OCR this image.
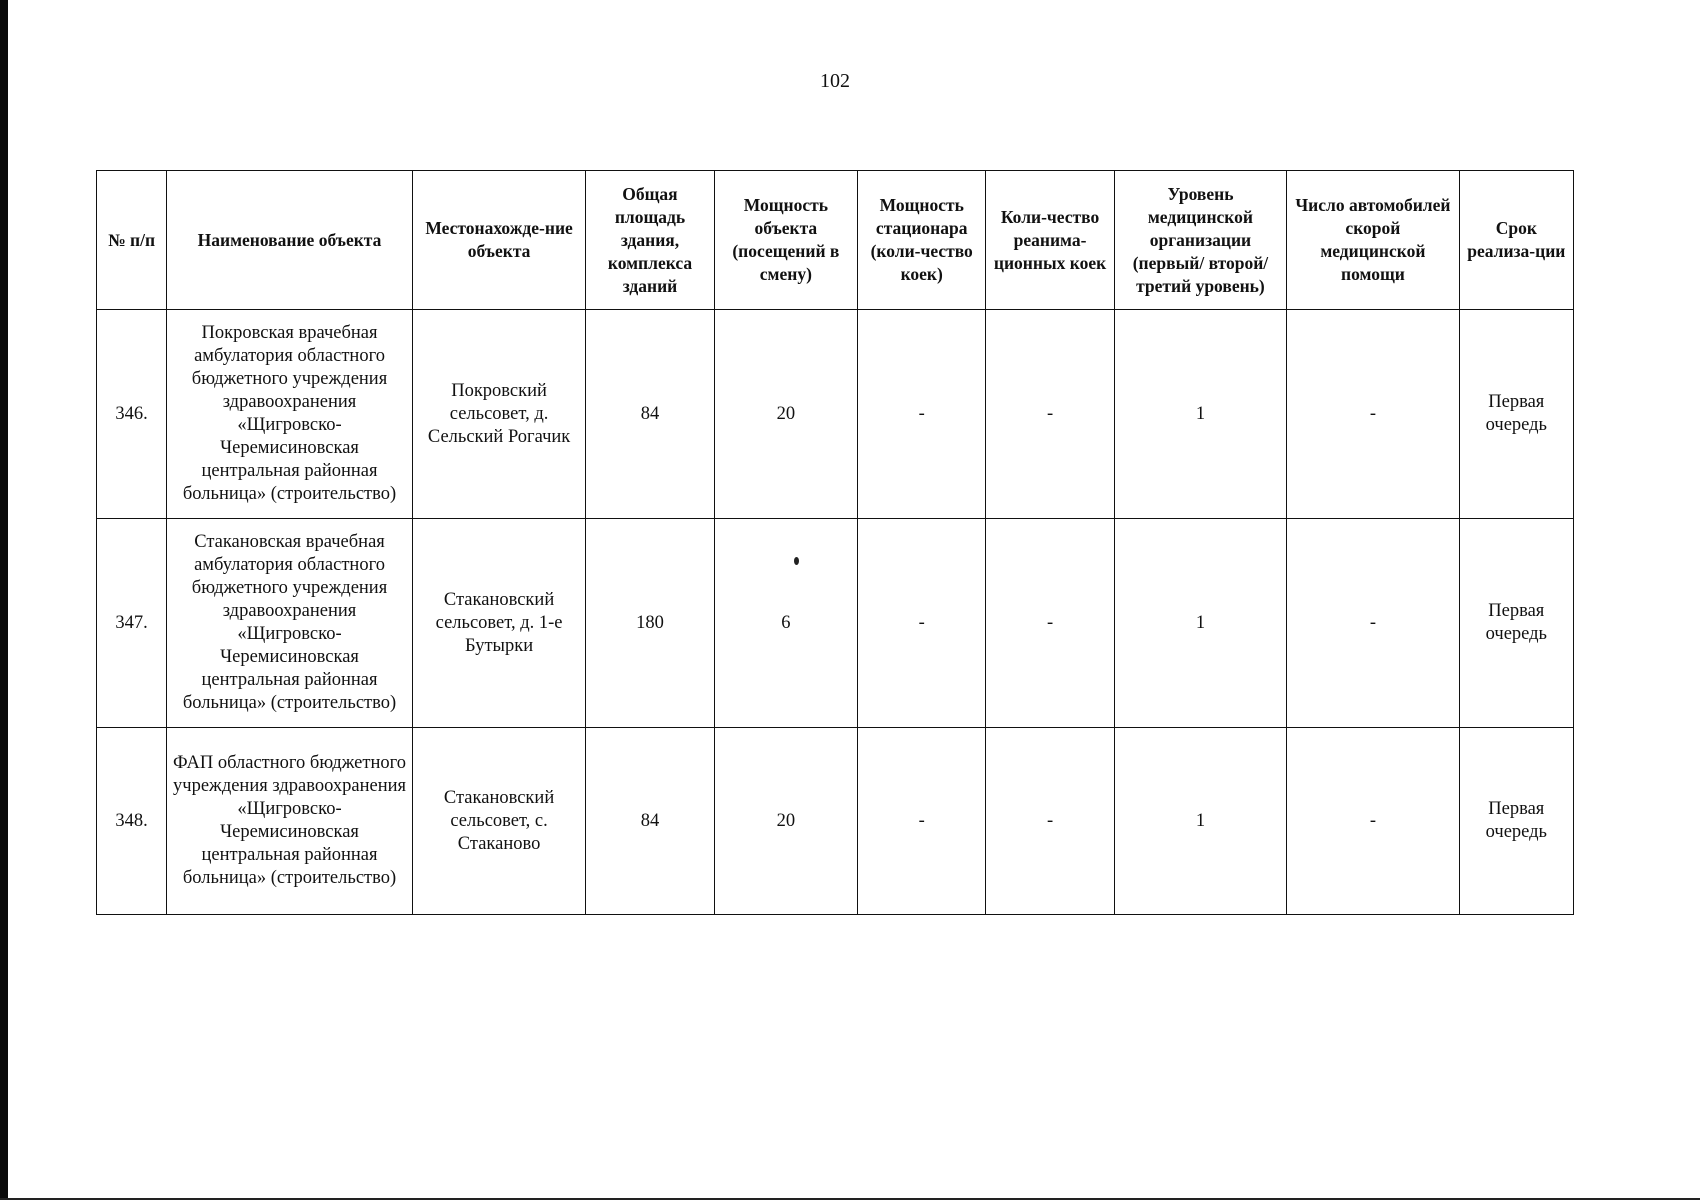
102
№ п/п	Наименование объекта	Местонахожде-ние объекта	Общая площадь здания, комплекса зданий	Мощность объекта (посещений в смену)	Мощность стационара (коли-чество коек)	Коли-чество реанима-ционных коек	Уровень медицинской организации (первый/ второй/ третий уровень)	Число автомобилей скорой медицинской помощи	Срок реализа-ции
346.	Покровская врачебная амбулатория областного бюджетного учреждения здравоохранения «Щигровско-Черемисиновская центральная районная больница» (строительство)	Покровский сельсовет, д. Сельский Рогачик	84	20	-	-	1	-	Первая очередь
347.	Стакановская врачебная амбулатория областного бюджетного учреждения здравоохранения «Щигровско-Черемисиновская центральная районная больница» (строительство)	Стакановский сельсовет, д. 1-е Бутырки	180	6	-	-	1	-	Первая очередь
348.	ФАП областного бюджетного учреждения здравоохранения «Щигровско-Черемисиновская центральная районная больница» (строительство)	Стакановский сельсовет, с. Стаканово	84	20	-	-	1	-	Первая очередь
